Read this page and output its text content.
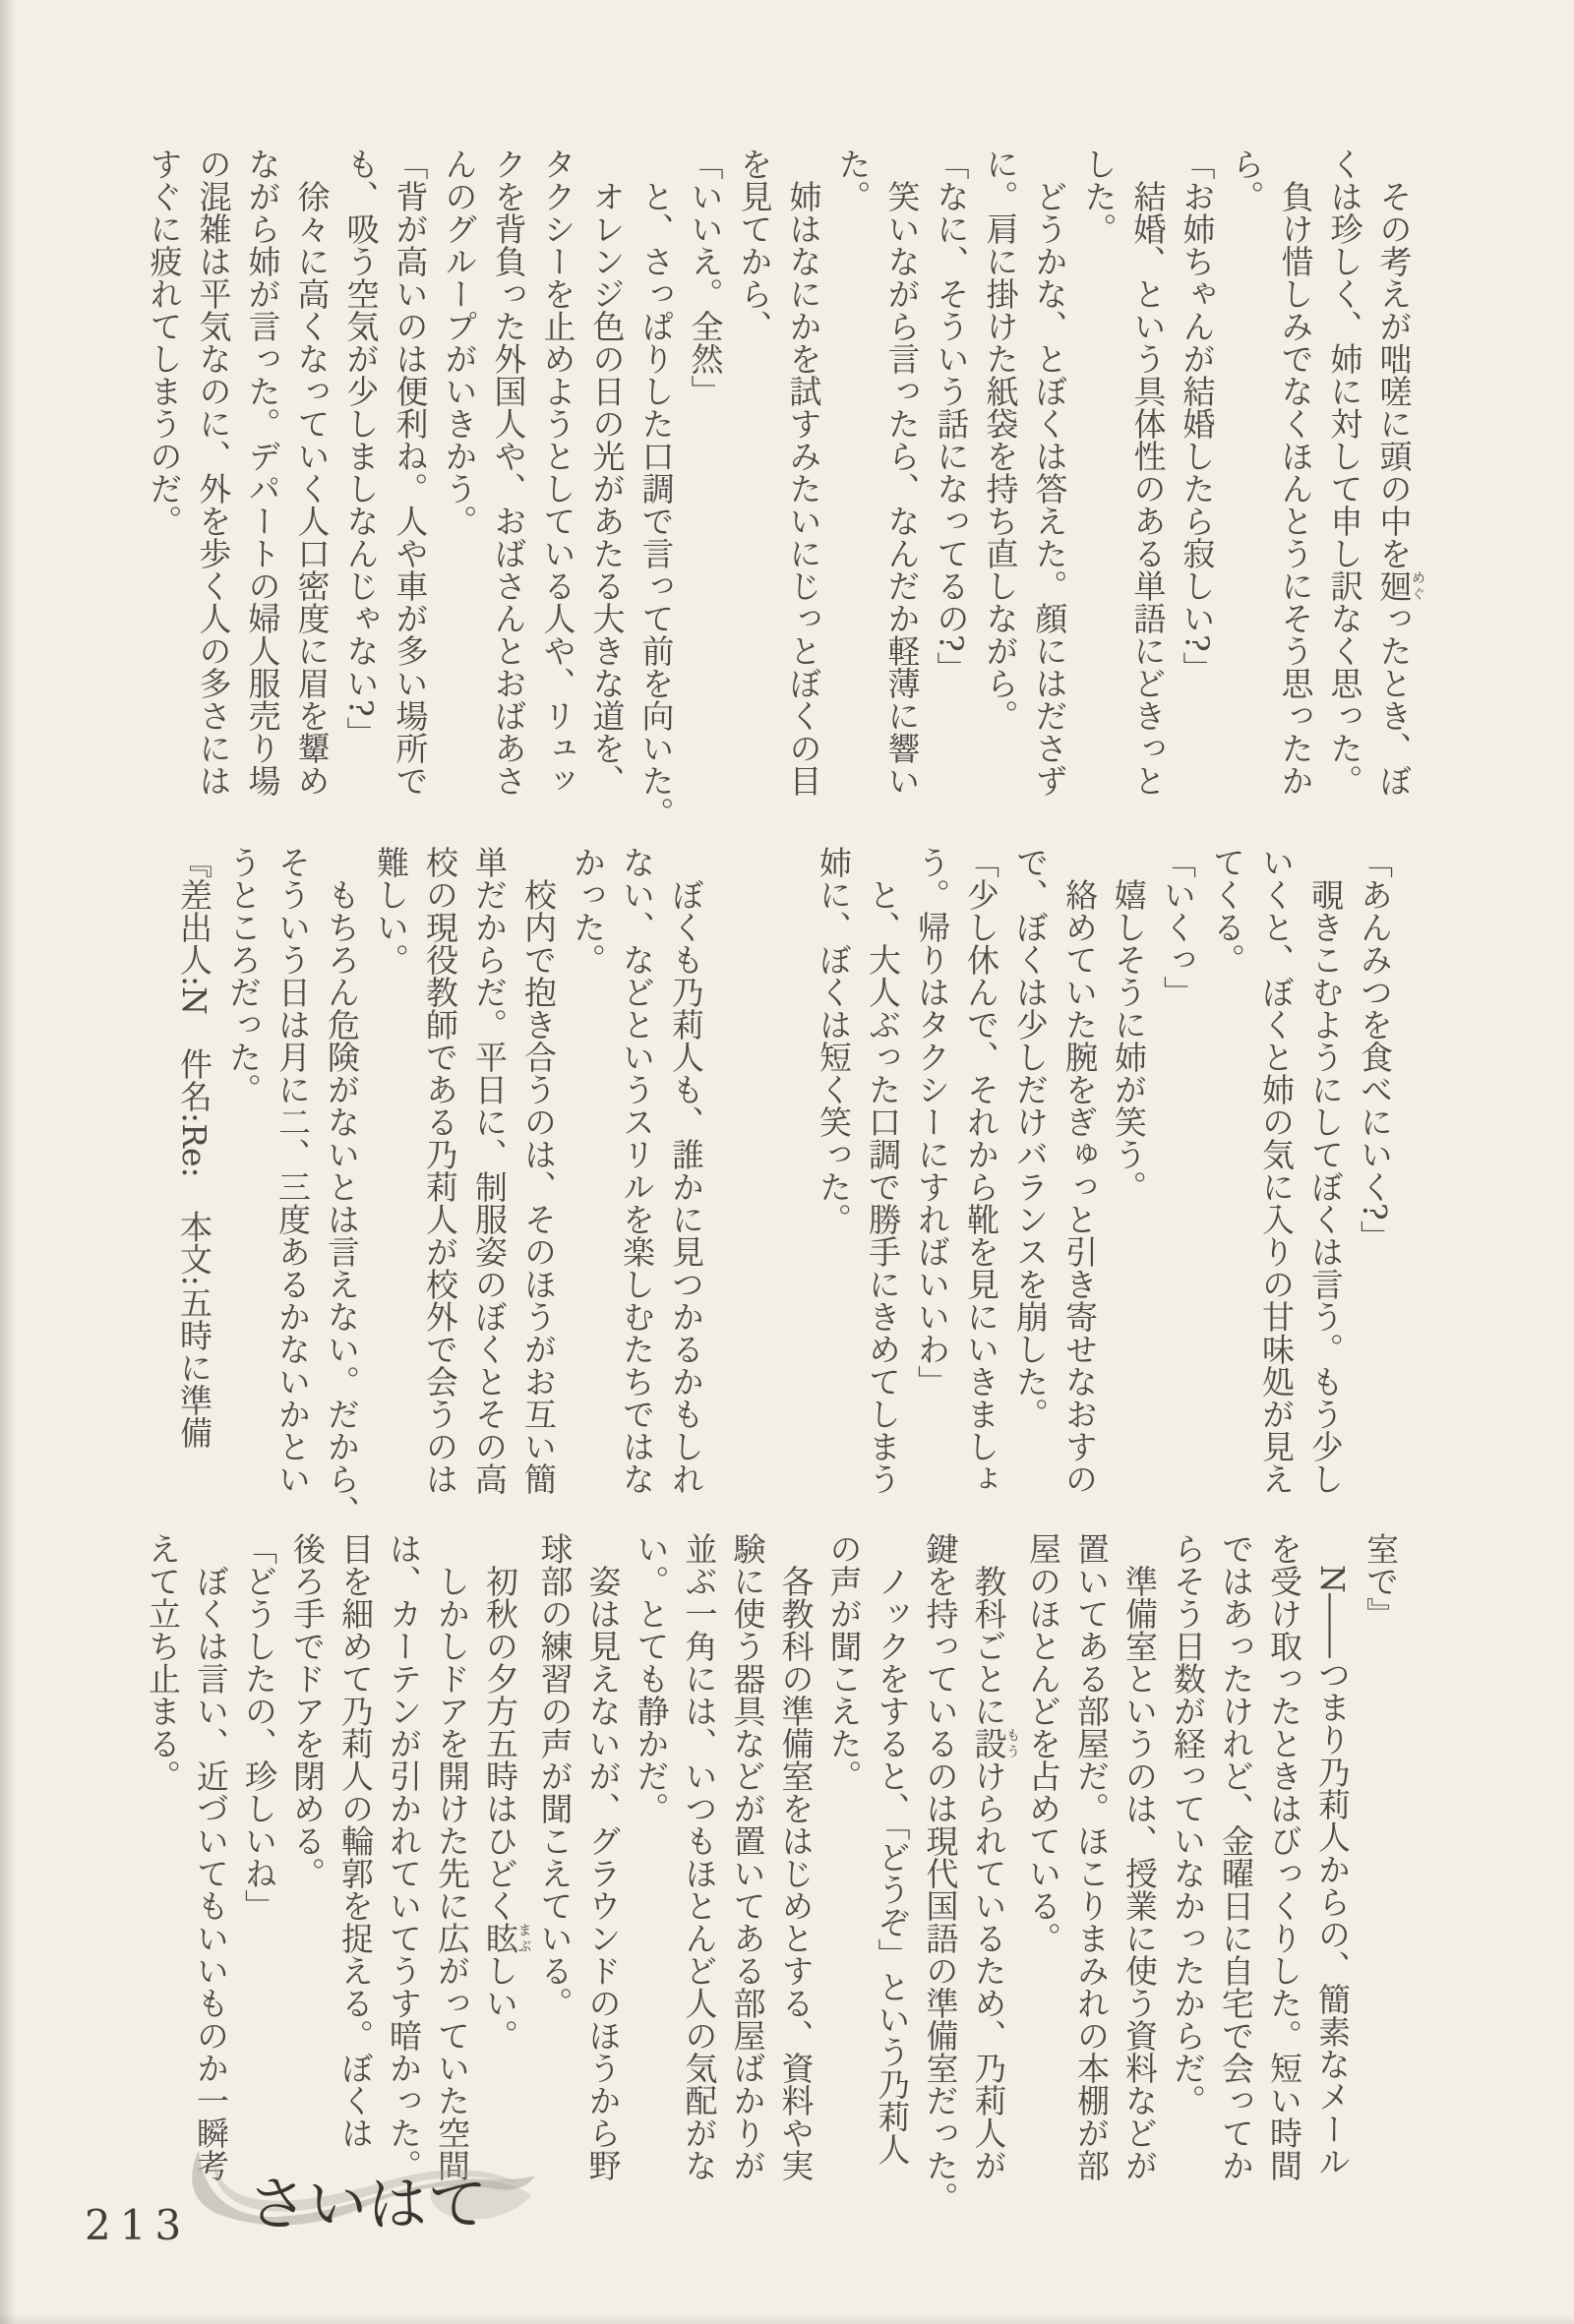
　その考えが咄嗟に頭の中を廻めぐったとき、ぼ

くは珍しく、姉に対して申し訳なく思った。

　負け惜しみでなくほんとうにそう思ったか

ら。

「お姉ちゃんが結婚したら寂しい?」

　結婚、という具体性のある単語にどきっと

した。

　どうかな、とぼくは答えた。顔にはださず

に。肩に掛けた紙袋を持ち直しながら。

「なに、そういう話になってるの?」

　笑いながら言ったら、なんだか軽薄に響い

た。

　姉はなにかを試すみたいにじっとぼくの目

を見てから、

「いいえ。全然」

　と、さっぱりした口調で言って前を向いた。

　オレンジ色の日の光があたる大きな道を、

タクシーを止めようとしている人や、リュッ

クを背負った外国人や、おばさんとおばあさ

んのグループがいきかう。

「背が高いのは便利ね。人や車が多い場所で

も、吸う空気が少しましなんじゃない?」

　徐々に高くなっていく人口密度に眉を顰め

ながら姉が言った。デパートの婦人服売り場

の混雑は平気なのに、外を歩く人の多さには

すぐに疲れてしまうのだ。

「あんみつを食べにいく?」

　覗きこむようにしてぼくは言う。もう少し

いくと、ぼくと姉の気に入りの甘味処が見え

てくる。

「いくっ」

　嬉しそうに姉が笑う。

　絡めていた腕をぎゅっと引き寄せなおすの

で、ぼくは少しだけバランスを崩した。

「少し休んで、それから靴を見にいきましょ

う。帰りはタクシーにすればいいわ」

　と、大人ぶった口調で勝手にきめてしまう

姉に、ぼくは短く笑った。

　ぼくも乃莉人も、誰かに見つかるかもしれ

ない、などというスリルを楽しむたちではな

かった。

　校内で抱き合うのは、そのほうがお互い簡

単だからだ。平日に、制服姿のぼくとその高

校の現役教師である乃莉人が校外で会うのは

難しい。

　もちろん危険がないとは言えない。だから、

そういう日は月に二、三度あるかないかとい

うところだった。

『差出人:N　件名:Re:　本文:五時に準備

室で』

　N――つまり乃莉人からの、簡素なメール

を受け取ったときはびっくりした。短い時間

ではあったけれど、金曜日に自宅で会ってか

らそう日数が経っていなかったからだ。

　準備室というのは、授業に使う資料などが

置いてある部屋だ。ほこりまみれの本棚が部

屋のほとんどを占めている。

　教科ごとに設もうけられているため、乃莉人が

鍵を持っているのは現代国語の準備室だった。

　ノックをすると、「どうぞ」という乃莉人

の声が聞こえた。

　各教科の準備室をはじめとする、資料や実

験に使う器具などが置いてある部屋ばかりが

並ぶ一角には、いつもほとんど人の気配がな

い。とても静かだ。

　姿は見えないが、グラウンドのほうから野

球部の練習の声が聞こえている。

　初秋の夕方五時はひどく眩まぶしい。

　しかしドアを開けた先に広がっていた空間

は、カーテンが引かれていてうす暗かった。

目を細めて乃莉人の輪郭を捉える。ぼくは

後ろ手でドアを閉める。

「どうしたの、珍しいね」

　ぼくは言い、近づいてもいいものか一瞬考

えて立ち止まる。

さいはて
213
